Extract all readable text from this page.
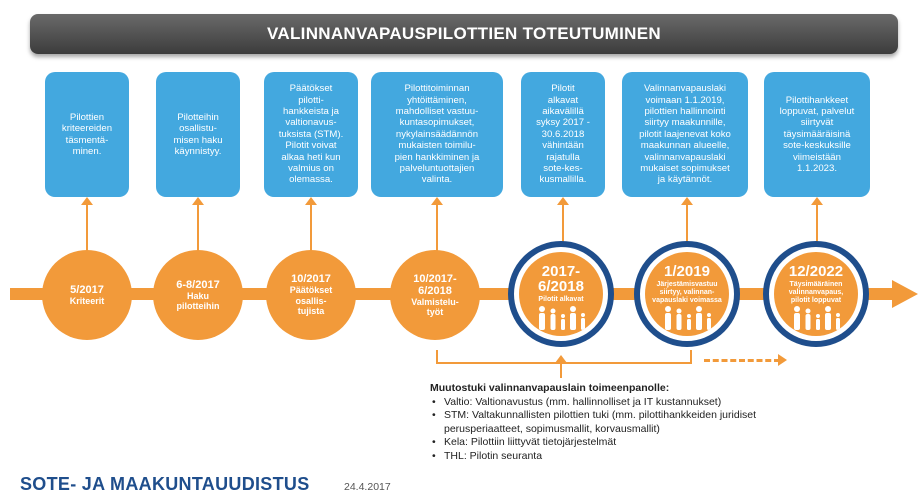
VALINNANVAPAUSPILOTTIEN TOTEUTUMINEN
Pilottien
kriteereiden
täsmentä-
minen.
Pilotteihin
osallistu-
misen haku
käynnistyy.
Päätökset
pilotti-
hankkeista ja
valtionavus-
tuksista (STM).
Pilotit voivat
alkaa heti kun
valmius on
olemassa.
Pilottitoiminnan
yhtöittäminen,
mahdolliset vastuu-
kuntasopimukset,
nykylainsäädännön
mukaisten toimilu-
pien hankkiminen ja
palveluntuottajien
valinta.
Pilotit
alkavat
aikavälillä
syksy 2017 -
30.6.2018
vähintään
rajatulla
sote-kes-
kusmallilla.
Valinnanvapauslaki
voimaan 1.1.2019,
pilottien hallinnointi
siirtyy maakunnille,
pilotit laajenevat koko
maakunnan alueelle,
valinnanvapauslaki
mukaiset sopimukset
ja käytännöt.
Pilottihankkeet
loppuvat, palvelut
siirtyvät
täysimääräisinä
sote-keskuksille
viimeistään
1.1.2023.
5/2017
Kriteerit
6-8/2017
Haku
pilotteihin
10/2017
Päätökset
osallis-
tujista
10/2017-
6/2018
Valmistelu-
työt
2017-
6/2018
Pilotit alkavat
1/2019
Järjestämisvastuu
siirtyy, valinnan-
vapauslaki voimassa
12/2022
Täysimääräinen
valinnanvapaus,
pilotit loppuvat
Muutostuki valinnanvapauslain toimeenpanolle:
• Valtio: Valtionavustus (mm. hallinnolliset ja IT kustannukset)
• STM: Valtakunnallisten pilottien tuki (mm. pilottihankkeiden juridiset
perusperiaatteet, sopimusmallit, korvausmallit)
• Kela: Pilottiin liittyvät tietojärjestelmät
• THL: Pilotin seuranta
SOTE- JA MAAKUNTAUUDISTUS	24.4.2017
